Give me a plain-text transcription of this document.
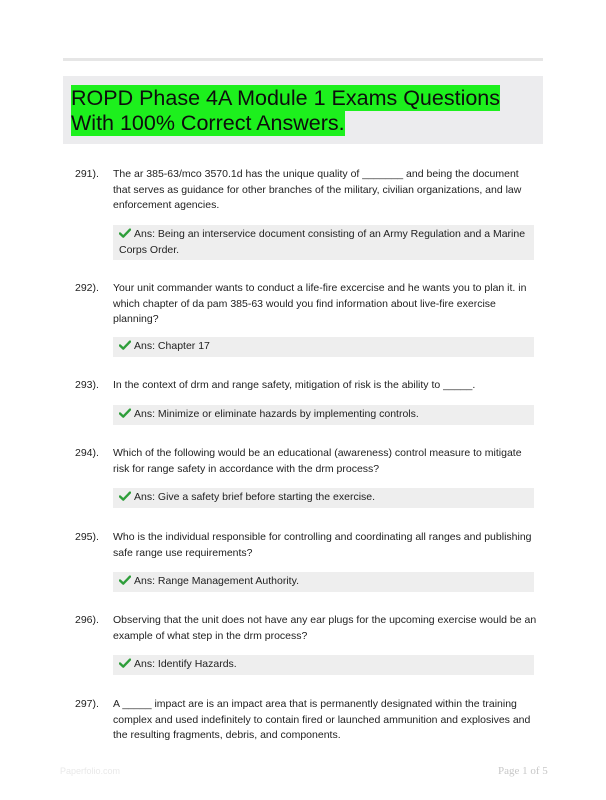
ROPD Phase 4A Module 1 Exams Questions With 100% Correct Answers.
291).	The ar 385-63/mco 3570.1d has the unique quality of _______ and being the document that serves as guidance for other branches of the military, civilian organizations, and law enforcement agencies.

Ans: Being an interservice document consisting of an Army Regulation and a Marine Corps Order.
292).	Your unit commander wants to conduct a life-fire excercise and he wants you to plan it. in which chapter of da pam 385-63 would you find information about live-fire exercise planning?

Ans: Chapter 17
293).	In the context of drm and range safety, mitigation of risk is the ability to _____.

Ans: Minimize or eliminate hazards by implementing controls.
294).	Which of the following would be an educational (awareness) control measure to mitigate risk for range safety in accordance with the drm process?

Ans: Give a safety brief before starting the exercise.
295).	Who is the individual responsible for controlling and coordinating all ranges and publishing safe range use requirements?

Ans: Range Management Authority.
296).	Observing that the unit does not have any ear plugs for the upcoming exercise would be an example of what step in the drm process?

Ans: Identify Hazards.
297).	A _____ impact are is an impact area that is permanently designated within the training complex and used indefinitely to contain fired or launched ammunition and explosives and the resulting fragments, debris, and components.

Paperfolio.com	Page 1 of 5
